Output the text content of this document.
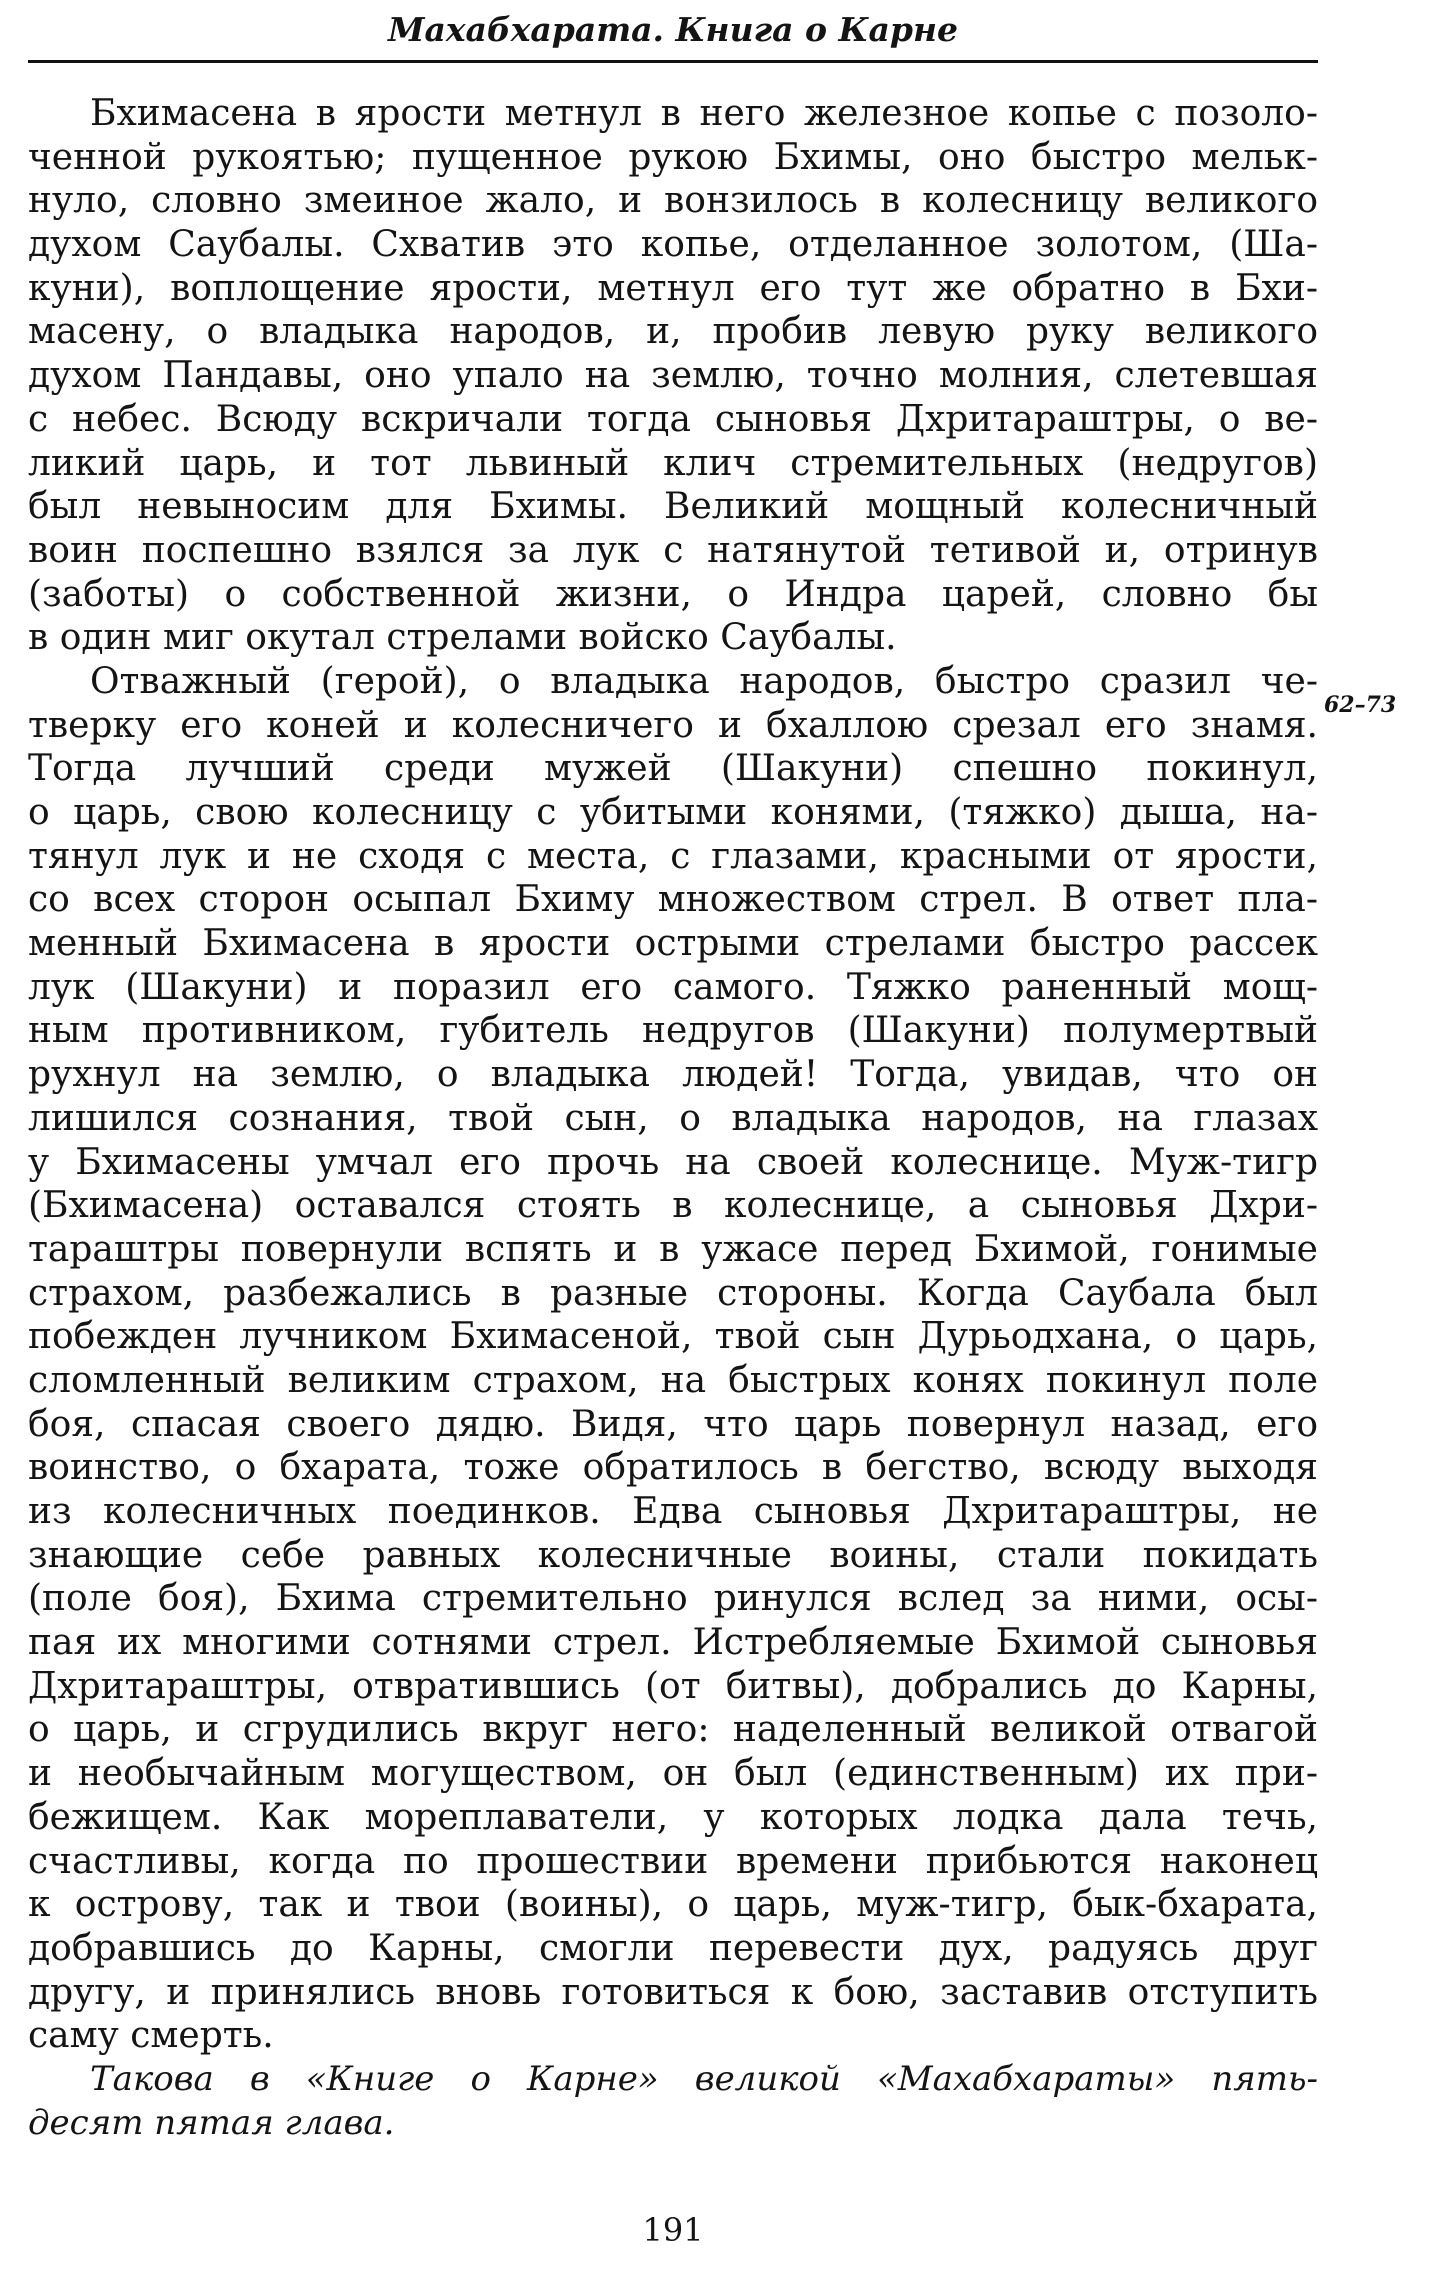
Махабхарата. Книга о Карне
Бхимасена в ярости метнул в него железное копье с позоло-
ченной рукоятью; пущенное рукою Бхимы, оно быстро мельк-
нуло, словно змеиное жало, и вонзилось в колесницу великого
духом Саубалы. Схватив это копье, отделанное золотом, (Ша-
куни), воплощение ярости, метнул его тут же обратно в Бхи-
масену, о владыка народов, и, пробив левую руку великого
духом Пандавы, оно упало на землю, точно молния, слетевшая
с небес. Всюду вскричали тогда сыновья Дхритараштры, о ве-
ликий царь, и тот львиный клич стремительных (недругов)
был невыносим для Бхимы. Великий мощный колесничный
воин поспешно взялся за лук с натянутой тетивой и, отринув
(заботы) о собственной жизни, о Индра царей, словно бы
в один миг окутал стрелами войско Саубалы.
Отважный (герой), о владыка народов, быстро сразил че-
тверку его коней и колесничего и бхаллою срезал его знамя.
Тогда лучший среди мужей (Шакуни) спешно покинул,
о царь, свою колесницу с убитыми конями, (тяжко) дыша, на-
тянул лук и не сходя с места, с глазами, красными от ярости,
со всех сторон осыпал Бхиму множеством стрел. В ответ пла-
менный Бхимасена в ярости острыми стрелами быстро рассек
лук (Шакуни) и поразил его самого. Тяжко раненный мощ-
ным противником, губитель недругов (Шакуни) полумертвый
рухнул на землю, о владыка людей! Тогда, увидав, что он
лишился сознания, твой сын, о владыка народов, на глазах
у Бхимасены умчал его прочь на своей колеснице. Муж-тигр
(Бхимасена) оставался стоять в колеснице, а сыновья Дхри-
тараштры повернули вспять и в ужасе перед Бхимой, гонимые
страхом, разбежались в разные стороны. Когда Саубала был
побежден лучником Бхимасеной, твой сын Дурьодхана, о царь,
сломленный великим страхом, на быстрых конях покинул поле
боя, спасая своего дядю. Видя, что царь повернул назад, его
воинство, о бхарата, тоже обратилось в бегство, всюду выходя
из колесничных поединков. Едва сыновья Дхритараштры, не
знающие себе равных колесничные воины, стали покидать
(поле боя), Бхима стремительно ринулся вслед за ними, осы-
пая их многими сотнями стрел. Истребляемые Бхимой сыновья
Дхритараштры, отвратившись (от битвы), добрались до Карны,
о царь, и сгрудились вкруг него: наделенный великой отвагой
и необычайным могуществом, он был (единственным) их при-
бежищем. Как мореплаватели, у которых лодка дала течь,
счастливы, когда по прошествии времени прибьются наконец
к острову, так и твои (воины), о царь, муж-тигр, бык-бхарата,
добравшись до Карны, смогли перевести дух, радуясь друг
другу, и принялись вновь готовиться к бою, заставив отступить
саму смерть.
Такова в «Книге о Карне» великой «Махабхараты» пять-
десят пятая глава.
62–73
191
